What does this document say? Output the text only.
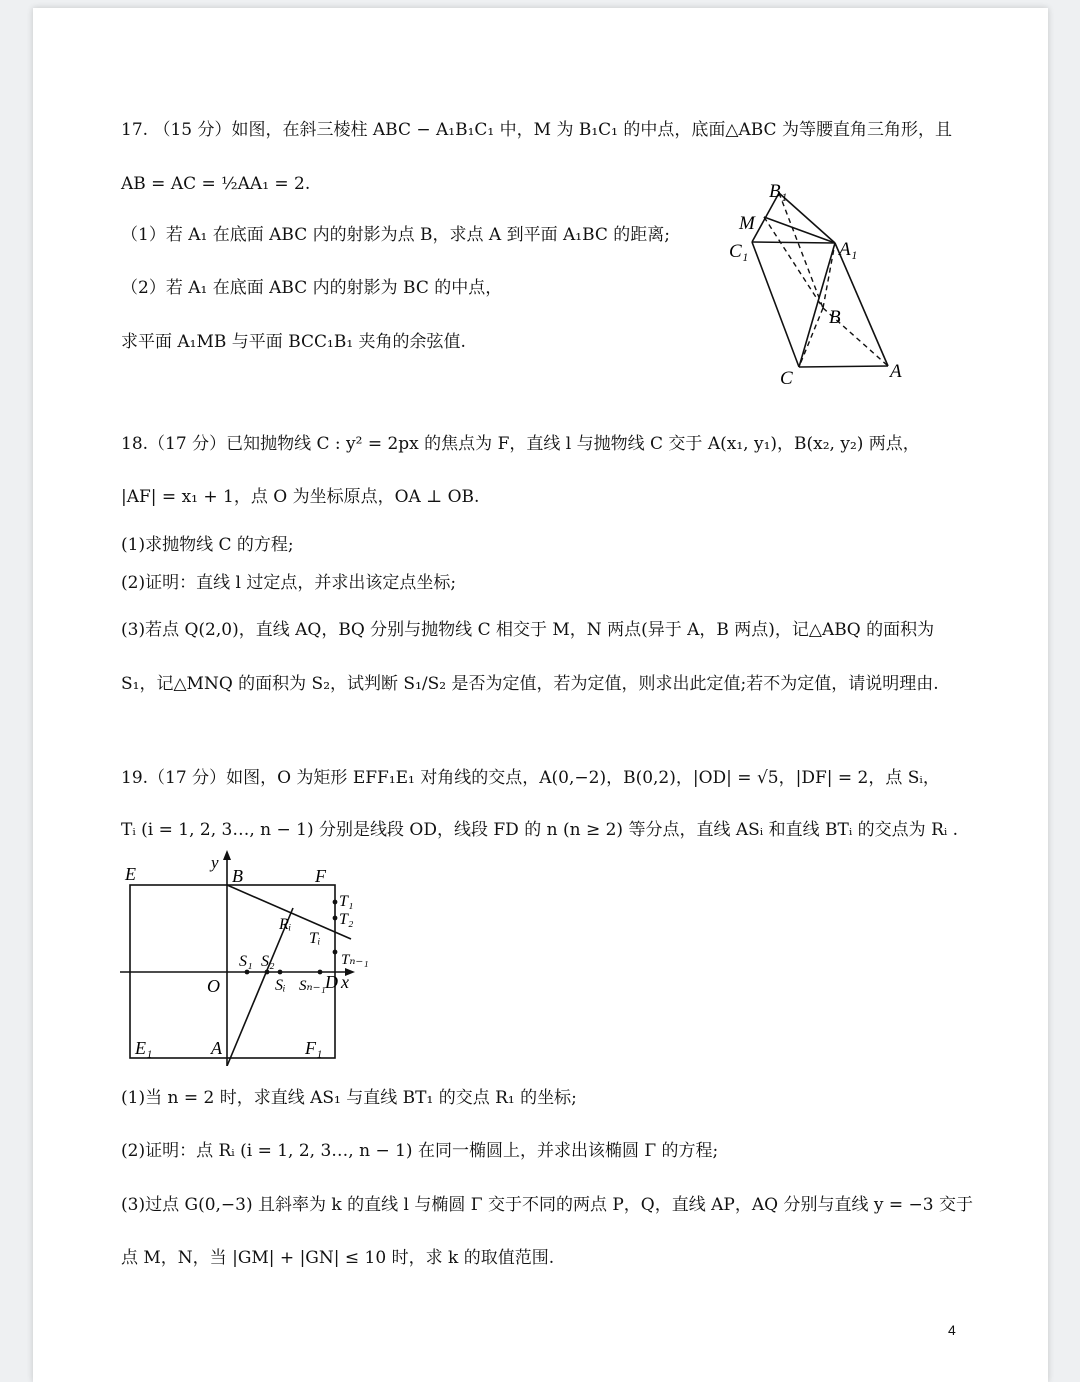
17. （15 分）如图，在斜三棱柱 ABC − A₁B₁C₁ 中，M 为 B₁C₁ 的中点，底面△ABC 为等腰直角三角形，且
AB = AC = ½AA₁ = 2.
（1）若 A₁ 在底面 ABC 内的射影为点 B，求点 A 到平面 A₁BC 的距离;
（2）若 A₁ 在底面 ABC 内的射影为 BC 的中点，
求平面 A₁MB 与平面 BCC₁B₁ 夹角的余弦值.
B₁
M
C₁	A₁
B
C	A
18.（17 分）已知抛物线 C : y² = 2px 的焦点为 F，直线 l 与抛物线 C 交于 A(x₁, y₁)，B(x₂, y₂) 两点，
|AF| = x₁ + 1，点 O 为坐标原点，OA ⊥ OB.
(1)求抛物线 C 的方程;
(2)证明：直线 l 过定点，并求出该定点坐标;
(3)若点 Q(2,0)，直线 AQ，BQ 分别与抛物线 C 相交于 M，N 两点(异于 A，B 两点)，记△ABQ 的面积为
S₁，记△MNQ 的面积为 S₂，试判断 S₁/S₂ 是否为定值，若为定值，则求出此定值;若不为定值，请说明理由.
19.（17 分）如图，O 为矩形 EFF₁E₁ 对角线的交点，A(0,−2)，B(0,2)，|OD| = √5，|DF| = 2，点 Sᵢ，
Tᵢ (i = 1, 2, 3…, n − 1) 分别是线段 OD，线段 FD 的 n (n ≥ 2) 等分点，直线 ASᵢ 和直线 BTᵢ 的交点为 Rᵢ .
E
y
B	F
T₁
T₂
Rᵢ
Tᵢ
S₁ S₂	Tₙ₋₁
O	Sᵢ Sₙ₋₁ D x
E₁	A	F₁
(1)当 n = 2 时，求直线 AS₁ 与直线 BT₁ 的交点 R₁ 的坐标;
(2)证明：点 Rᵢ (i = 1, 2, 3…, n − 1) 在同一椭圆上，并求出该椭圆 Γ 的方程;
(3)过点 G(0,−3) 且斜率为 k 的直线 l 与椭圆 Γ 交于不同的两点 P，Q，直线 AP，AQ 分别与直线 y = −3 交于
点 M，N，当 |GM| + |GN| ≤ 10 时，求 k 的取值范围.
4
